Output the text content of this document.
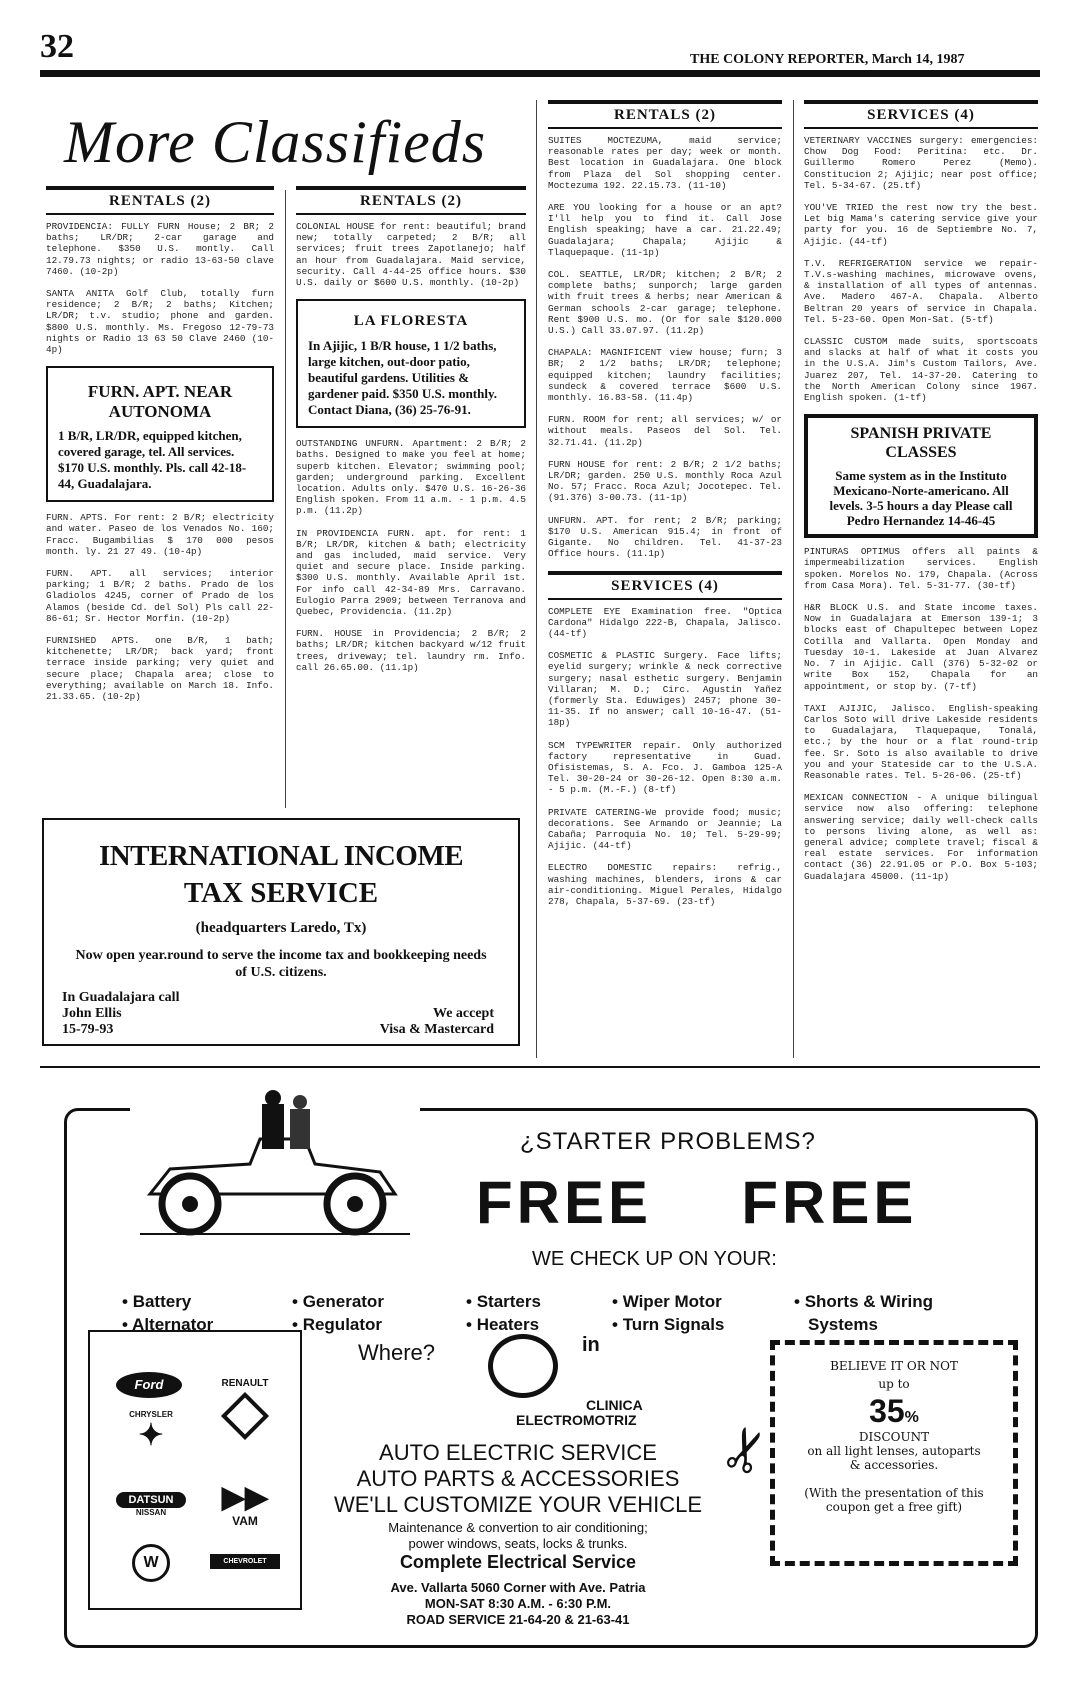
32	THE COLONY REPORTER, March 14, 1987
More Classifieds
RENTALS (2)
PROVIDENCIA: FULLY FURN House; 2 BR; 2 baths; LR/DR; 2-car garage and telephone. $350 U.S. montly. Call 12.79.73 nights; or radio 13-63-50 clave 7460. (10-2p)
SANTA ANITA Golf Club, totally furn residence; 2 B/R; 2 baths; Kitchen; LR/DR; t.v. studio; phone and garden. $800 U.S. monthly. Ms. Fregoso 12-79-73 nights or Radio 13 63 50 Clave 2460 (10-4p)
FURN. APT. NEAR AUTONOMA

1 B/R, LR/DR, equipped kitchen, covered garage, tel. All services. $170 U.S. monthly. Pls. call 42-18-44, Guadalajara.

FURN. APTS. For rent: 2 B/R; electricity and water. Paseo de los Venados No. 160; Fracc. Bugambilias $ 170 000 pesos month. ly. 21 27 49. (10-4p)
FURN. APT. all services; interior parking; 1 B/R; 2 baths. Prado de los Gladiolos 4245, corner of Prado de los Alamos (beside Cd. del Sol) Pls call 22-86-61; Sr. Hector Morfin. (10-2p)
FURNISHED APTS. one B/R, 1 bath; kitchenette; LR/DR; back yard; front terrace inside parking; very quiet and secure place; Chapala area; close to everything; available on March 18. Info. 21.33.65. (10-2p)
RENTALS (2)
COLONIAL HOUSE for rent: beautiful; brand new; totally carpeted; 2 B/R; all services; fruit trees Zapotlanejo; half an hour from Guadalajara. Maid service, security. Call 4-44-25 office hours. $30 U.S. daily or $600 U.S. monthly. (10-2p)
LA FLORESTA

In Ajijic, 1 B/R house, 1 1/2 baths, large kitchen, out-door patio, beautiful gardens. Utilities & gardener paid. $350 U.S. monthly. Contact Diana, (36) 25-76-91.

OUTSTANDING UNFURN. Apartment: 2 B/R; 2 baths. Designed to make you feel at home; superb kitchen. Elevator; swimming pool; garden; underground parking. Excellent location. Adults only. $470 U.S. 16-26-36 English spoken. From 11 a.m. - 1 p.m. 4.5 p.m. (11.2p)
IN PROVIDENCIA FURN. apt. for rent: 1 B/R; LR/DR, kitchen & bath; electricity and gas included, maid service. Very quiet and secure place. Inside parking. $300 U.S. monthly. Available April 1st. For info call 42-34-89 Mrs. Carravano. Eulogio Parra 2909; between Terranova and Quebec, Providencia. (11.2p)
FURN. HOUSE in Providencia; 2 B/R; 2 baths; LR/DR; kitchen backyard w/12 fruit trees, driveway; tel. laundry rm. Info. call 26.65.00. (11.1p)
RENTALS (2)
SUITES MOCTEZUMA, maid service; reasonable rates per day; week or month. Best location in Guadalajara. One block from Plaza del Sol shopping center. Moctezuma 192. 22.15.73. (11-10)
ARE YOU looking for a house or an apt? I'll help you to find it. Call Jose English speaking; have a car. 21.22.49; Guadalajara; Chapala; Ajijic & Tlaquepaque. (11-1p)
COL. SEATTLE, LR/DR; kitchen; 2 B/R; 2 complete baths; sunporch; large garden with fruit trees & herbs; near American & German schools 2-car garage; telephone. Rent $900 U.S. mo. (Or for sale $120.000 U.S.) Call 33.07.97. (11.2p)
CHAPALA: MAGNIFICENT view house; furn; 3 BR; 2 1/2 baths; LR/DR; telephone; equipped kitchen; laundry facilities; sundeck & covered terrace $600 U.S. monthly. 16.83-58. (11.4p)
FURN. ROOM for rent; all services; w/ or without meals. Paseos del Sol. Tel. 32.71.41. (11.2p)
FURN HOUSE for rent: 2 B/R; 2 1/2 baths; LR/DR; garden. 250 U.S. monthly Roca Azul No. 57; Fracc. Roca Azul; Jocotepec. Tel. (91.376) 3-00.73. (11-1p)
UNFURN. APT. for rent; 2 B/R; parking; $170 U.S. American 915.4; in front of Gigante. No children. Tel. 41-37-23 Office hours. (11.1p)
SERVICES (4)
COMPLETE EYE Examination free. "Optica Cardona" Hidalgo 222-B, Chapala, Jalisco. (44-tf)
COSMETIC & PLASTIC Surgery. Face lifts; eyelid surgery; wrinkle & neck corrective surgery; nasal esthetic surgery. Benjamin Villaran; M. D.; Circ. Agustin Yañez (formerly Sta. Eduwiges) 2457; phone 30-11-35. If no answer; call 10-16-47. (51-18p)
SCM TYPEWRITER repair. Only authorized factory representative in Guad. Ofisistemas, S. A. Fco. J. Gamboa 125-A Tel. 30-20-24 or 30-26-12. Open 8:30 a.m. - 5 p.m. (M.-F.) (8-tf)
PRIVATE CATERING-We provide food; music; decorations. See Armando or Jeannie; La Cabaña; Parroquia No. 10; Tel. 5-29-99; Ajijic. (44-tf)
ELECTRO DOMESTIC repairs: refrig., washing machines, blenders, irons & car air-conditioning. Miguel Perales, Hidalgo 278, Chapala, 5-37-69. (23-tf)
SERVICES (4)
VETERINARY VACCINES surgery: emergencies: Chow Dog Food: Peritina: etc. Dr. Guillermo Romero Perez (Memo). Constitucion 2; Ajijic; near post office; Tel. 5-34-67. (25.tf)
YOU'VE TRIED the rest now try the best. Let big Mama's catering service give your party for you. 16 de Septiembre No. 7, Ajijic. (44-tf)
T.V. REFRIGERATION service we repair-T.V.s-washing machines, microwave ovens, & installation of all types of antennas. Ave. Madero 467-A. Chapala. Alberto Beltran 20 years of service in Chapala. Tel. 5-23-60. Open Mon-Sat. (5-tf)
CLASSIC CUSTOM made suits, sportscoats and slacks at half of what it costs you in the U.S.A. Jim's Custom Tailors, Ave. Juarez 207, Tel. 14-37-20. Catering to the North American Colony since 1967. English spoken. (1-tf)
SPANISH PRIVATE CLASSES

Same system as in the Instituto Mexicano-Norte-americano. All levels. 3-5 hours a day Please call Pedro Hernandez 14-46-45

PINTURAS OPTIMUS offers all paints & impermeabilization services. English spoken. Morelos No. 179, Chapala. (Across from Casa Mora). Tel. 5-31-77. (30-tf)
H&R BLOCK U.S. and State income taxes. Now in Guadalajara at Emerson 139-1; 3 blocks east of Chapultepec between Lopez Cotilla and Vallarta. Open Monday and Tuesday 10-1. Lakeside at Juan Alvarez No. 7 in Ajijic. Call (376) 5-32-02 or write Box 152, Chapala for an appointment, or stop by. (7-tf)
TAXI AJIJIC, Jalisco. English-speaking Carlos Soto will drive Lakeside residents to Guadalajara, Tlaquepaque, Tonalá, etc.; by the hour or a flat round-trip fee. Sr. Soto is also available to drive you and your Stateside car to the U.S.A. Reasonable rates. Tel. 5-26-06. (25-tf)
MEXICAN CONNECTION - A unique bilingual service now also offering: telephone answering service; daily well-check calls to persons living alone, as well as: general advice; complete travel; fiscal & real estate services. For information contact (36) 22.91.05 or P.O. Box 5-103; Guadalajara 45000. (11-1p)
INTERNATIONAL INCOME
TAX SERVICE
(headquarters Laredo, Tx)
Now open year.round to serve the income tax and bookkeeping needs of U.S. citizens.
In Guadalajara call
John Ellis
15-79-93
We accept
Visa & Mastercard
¿STARTER PROBLEMS?
FREE FREE
WE CHECK UP ON YOUR:
• Battery
• Alternator
• Generator
• Regulator
• Starters
• Heaters
• Wiper Motor
• Turn Signals
• Shorts & Wiring
Systems
Ford	RENAULT
CHRYSLER
✦
DATSUN
NISSAN	▶▶
VAM
W	CHEVROLET
Where?	in
CLINICA
ELECTROMOTRIZ
AUTO ELECTRIC SERVICE
AUTO PARTS & ACCESSORIES
WE'LL CUSTOMIZE YOUR VEHICLE
Maintenance & convertion to air conditioning;
power windows, seats, locks & trunks.
Complete Electrical Service
Ave. Vallarta 5060 Corner with Ave. Patria
MON-SAT 8:30 A.M. - 6:30 P.M.
ROAD SERVICE 21-64-20 & 21-63-41
✂
BELIEVE IT OR NOT
up to
35%
DISCOUNT
on all light lenses, autoparts
& accessories.
(With the presentation of this
coupon get a free gift)
